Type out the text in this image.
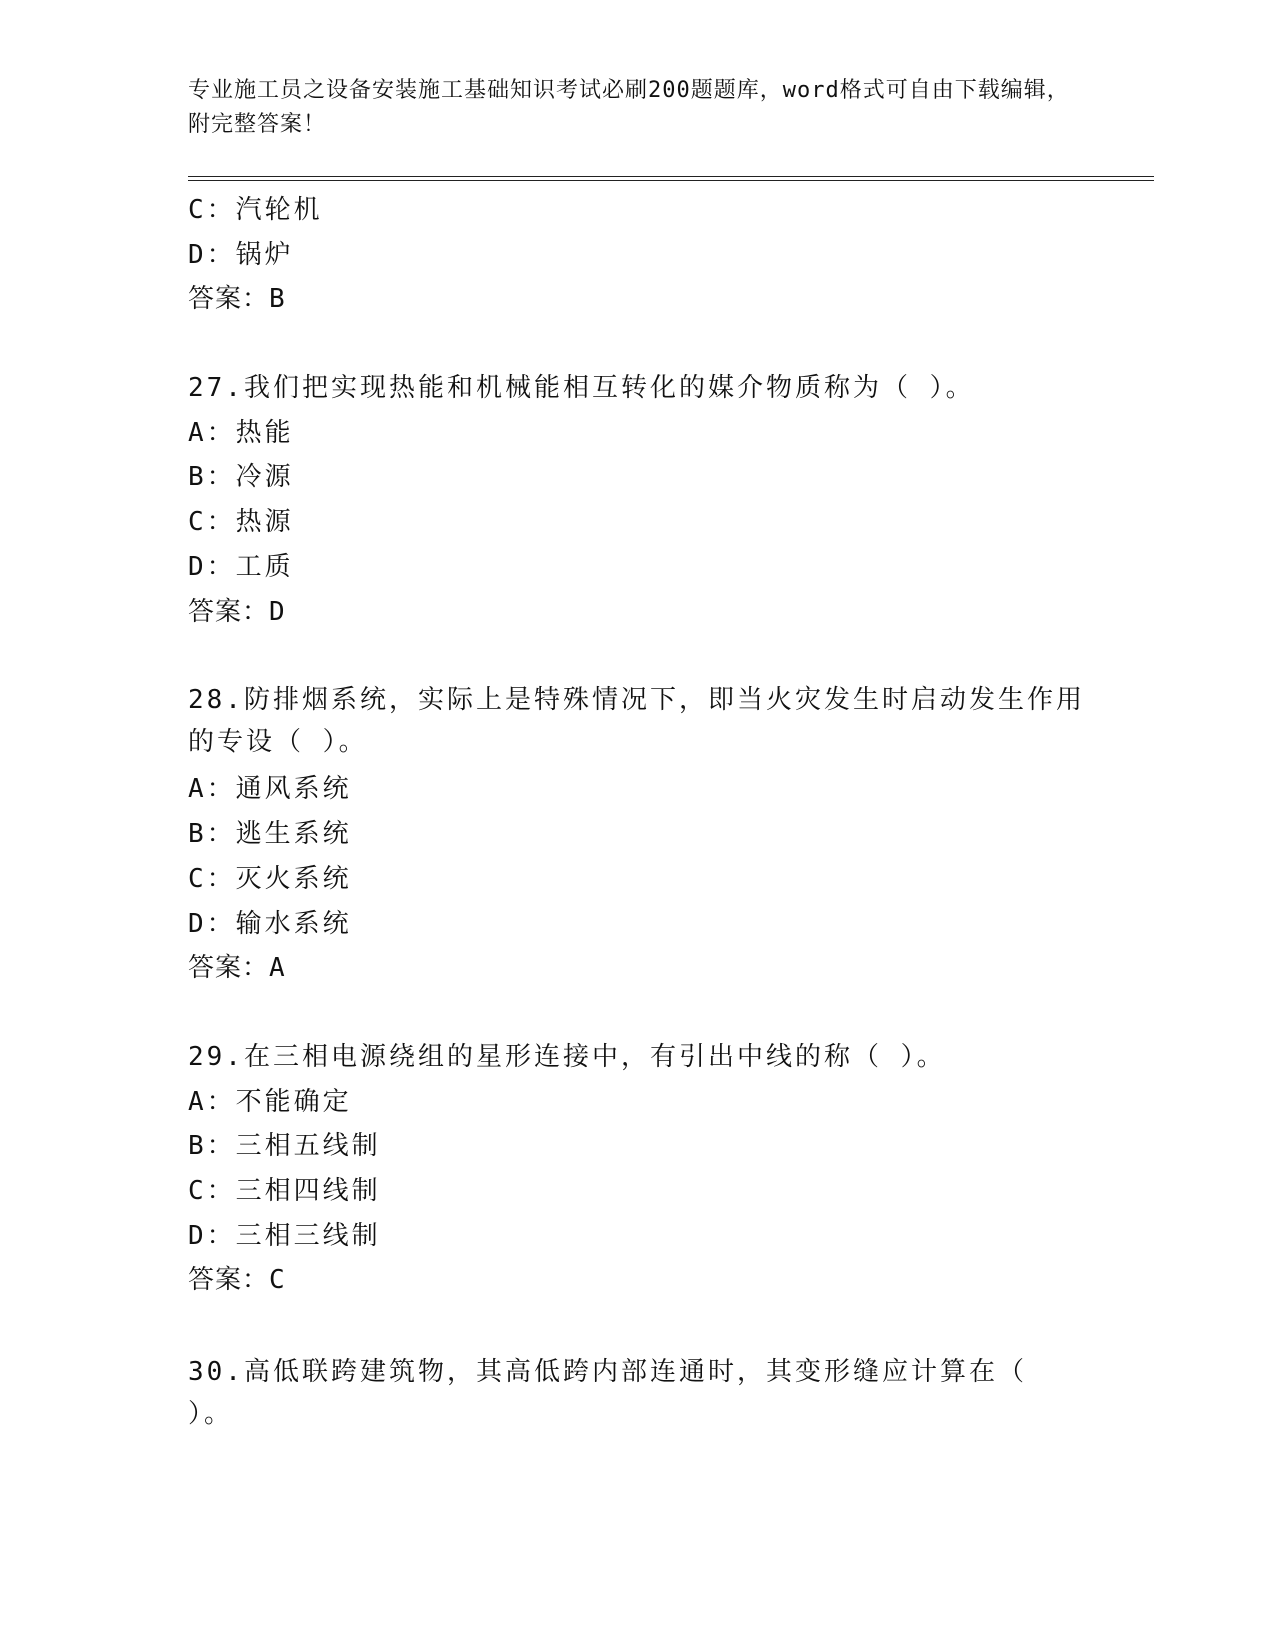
专业施工员之设备安装施工基础知识考试必刷200题题库，word格式可自由下载编辑，附完整答案！
C：汽轮机
D：锅炉
答案：B
27.我们把实现热能和机械能相互转化的媒介物质称为（ ）。
A：热能
B：冷源
C：热源
D：工质
答案：D
28.防排烟系统，实际上是特殊情况下，即当火灾发生时启动发生作用的专设（ ）。
A：通风系统
B：逃生系统
C：灭火系统
D：输水系统
答案：A
29.在三相电源绕组的星形连接中，有引出中线的称（ ）。
A：不能确定
B：三相五线制
C：三相四线制
D：三相三线制
答案：C
30.高低联跨建筑物，其高低跨内部连通时，其变形缝应计算在（ ）。
